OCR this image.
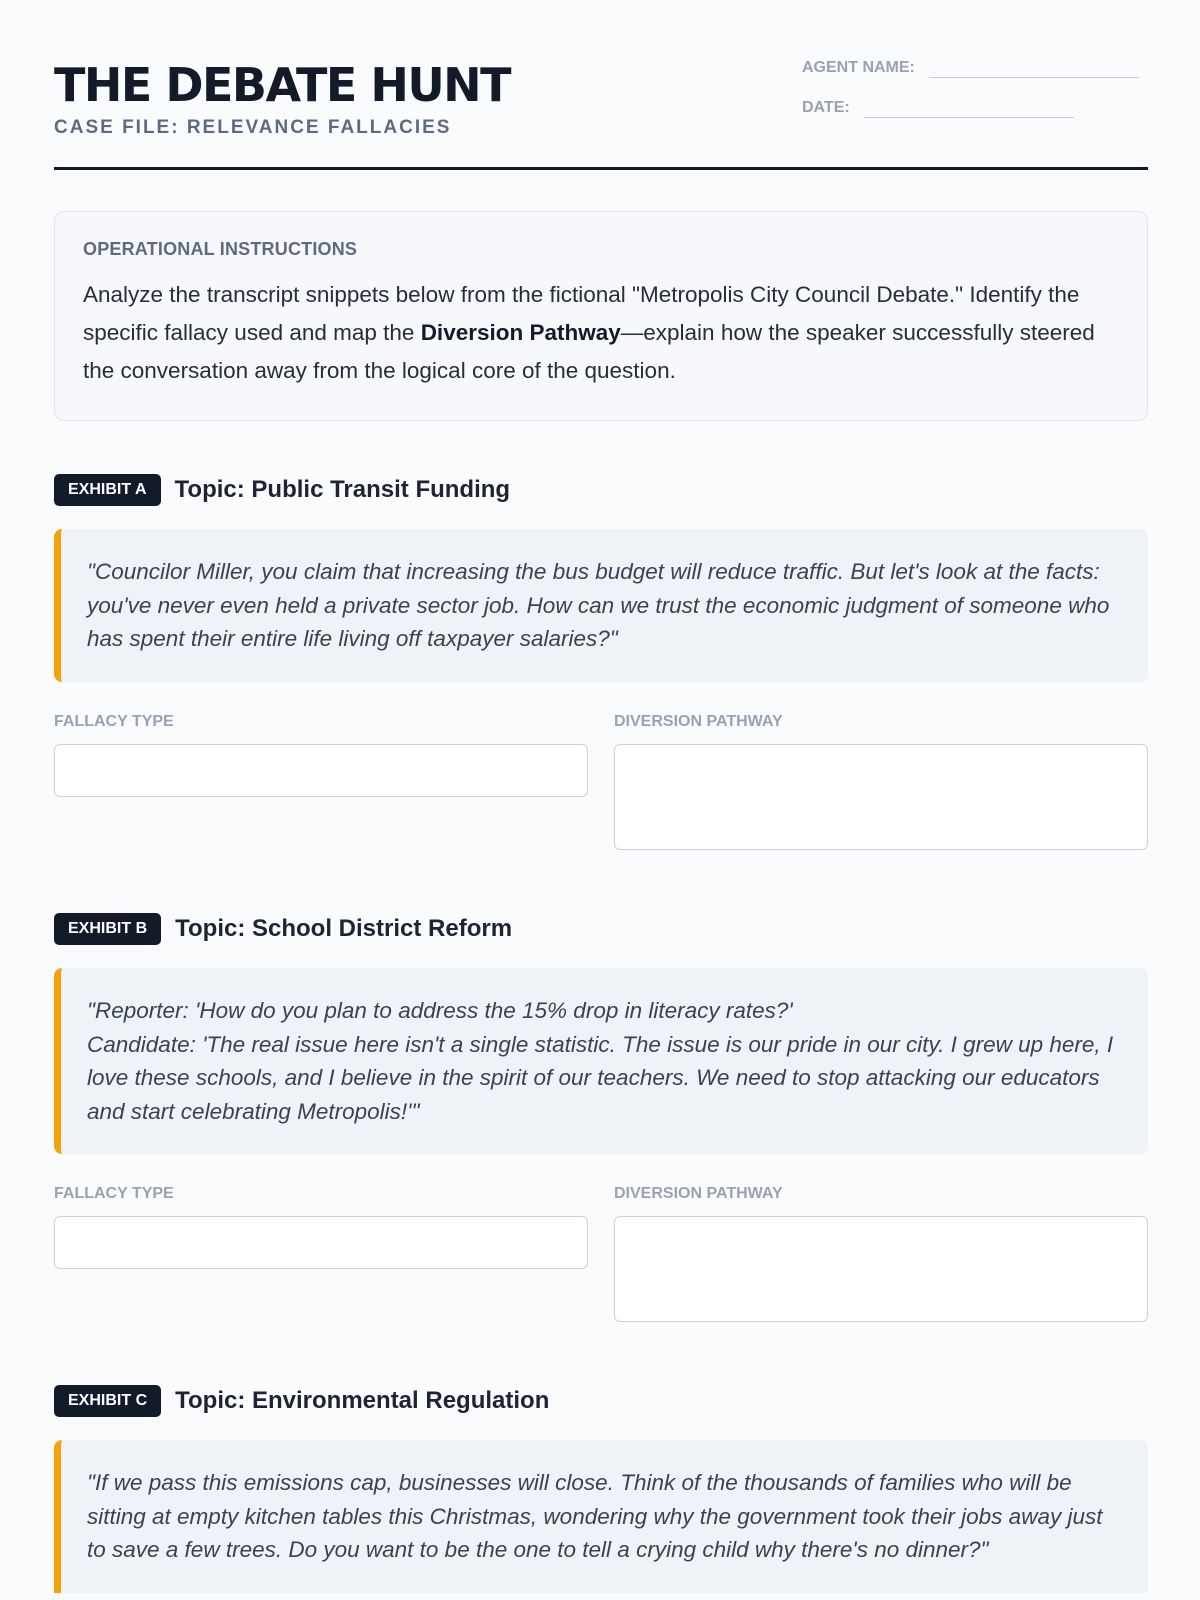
THE DEBATE HUNT
CASE FILE: RELEVANCE FALLACIES
AGENT NAME:
DATE:
OPERATIONAL INSTRUCTIONS
Analyze the transcript snippets below from the fictional "Metropolis City Council Debate." Identify the specific fallacy used and map the Diversion Pathway—explain how the speaker successfully steered the conversation away from the logical core of the question.
EXHIBIT A	Topic: Public Transit Funding
"Councilor Miller, you claim that increasing the bus budget will reduce traffic. But let's look at the facts: you've never even held a private sector job. How can we trust the economic judgment of someone who has spent their entire life living off taxpayer salaries?"
FALLACY TYPE	DIVERSION PATHWAY
EXHIBIT B	Topic: School District Reform
"Reporter: 'How do you plan to address the 15% drop in literacy rates?'
Candidate: 'The real issue here isn't a single statistic. The issue is our pride in our city. I grew up here, I love these schools, and I believe in the spirit of our teachers. We need to stop attacking our educators and start celebrating Metropolis!'"
FALLACY TYPE	DIVERSION PATHWAY
EXHIBIT C	Topic: Environmental Regulation
"If we pass this emissions cap, businesses will close. Think of the thousands of families who will be sitting at empty kitchen tables this Christmas, wondering why the government took their jobs away just to save a few trees. Do you want to be the one to tell a crying child why there's no dinner?"
